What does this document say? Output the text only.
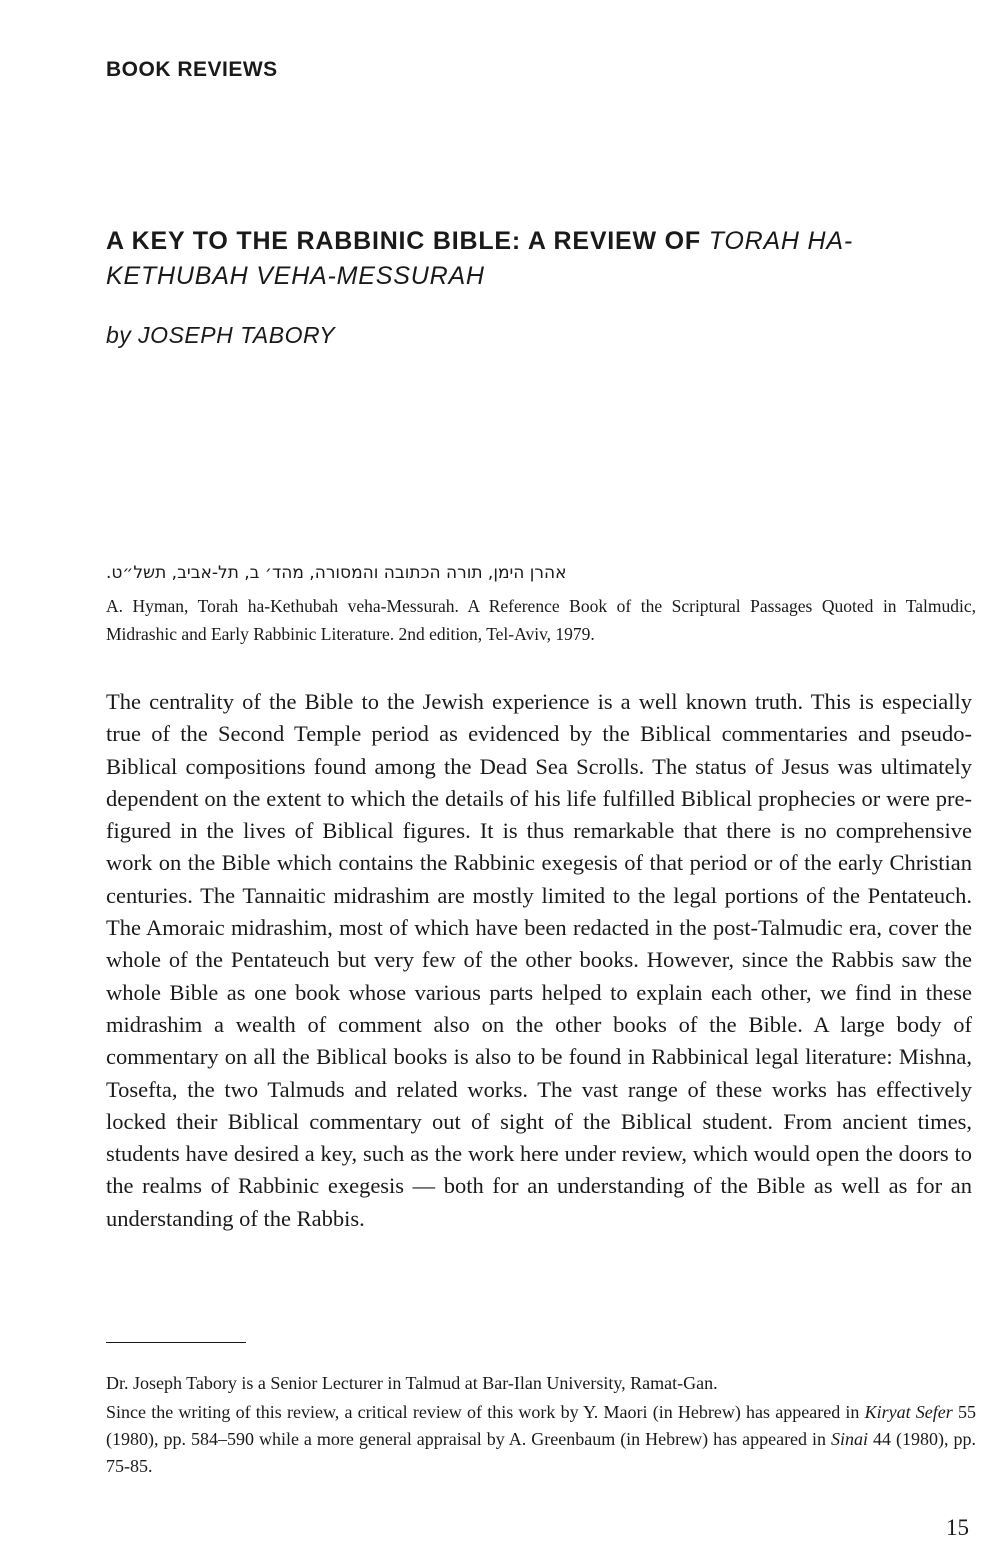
BOOK REVIEWS
A KEY TO THE RABBINIC BIBLE: A REVIEW OF TORAH HA-KETHUBAH VEHA-MESSURAH
by JOSEPH TABORY
אהרן הימן, תורה הכתובה והמסורה, מהד׳ ב, תל-אביב, תשל״ט.
A. Hyman, Torah ha-Kethubah veha-Messurah. A Reference Book of the Scriptural Passages Quoted in Talmudic, Midrashic and Early Rabbinic Literature. 2nd edition, Tel-Aviv, 1979.
The centrality of the Bible to the Jewish experience is a well known truth. This is especially true of the Second Temple period as evidenced by the Biblical commentaries and pseudo-Biblical compositions found among the Dead Sea Scrolls. The status of Jesus was ultimately dependent on the extent to which the details of his life fulfilled Biblical prophecies or were pre-figured in the lives of Biblical figures. It is thus remarkable that there is no comprehensive work on the Bible which contains the Rabbinic exegesis of that period or of the early Christian centuries. The Tannaitic midrashim are mostly limited to the legal portions of the Pentateuch. The Amoraic midrashim, most of which have been redacted in the post-Talmudic era, cover the whole of the Pentateuch but very few of the other books. However, since the Rabbis saw the whole Bible as one book whose various parts helped to explain each other, we find in these midrashim a wealth of comment also on the other books of the Bible. A large body of commentary on all the Biblical books is also to be found in Rabbinical legal literature: Mishna, Tosefta, the two Talmuds and related works. The vast range of these works has effectively locked their Biblical commentary out of sight of the Biblical student. From ancient times, students have desired a key, such as the work here under review, which would open the doors to the realms of Rabbinic exegesis — both for an understanding of the Bible as well as for an understanding of the Rabbis.

Dr. Joseph Tabory is a Senior Lecturer in Talmud at Bar-Ilan University, Ramat-Gan.

Since the writing of this review, a critical review of this work by Y. Maori (in Hebrew) has appeared in Kiryat Sefer 55 (1980), pp. 584–590 while a more general appraisal by A. Greenbaum (in Hebrew) has appeared in Sinai 44 (1980), pp. 75-85.

15
